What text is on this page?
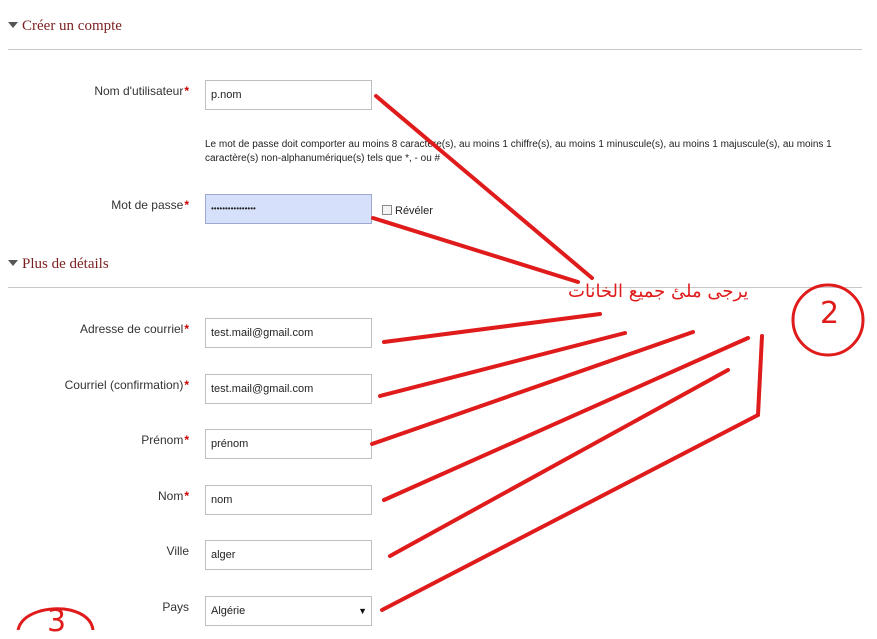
Créer un compte
Nom d'utilisateur*	p.nom
Le mot de passe doit comporter au moins 8 caractère(s), au moins 1 chiffre(s), au moins 1 minuscule(s), au moins 1 majuscule(s), au moins 1 caractère(s) non-alphanumérique(s) tels que *, - ou #
Mot de passe*	••••••••••••••••	Révéler
Plus de détails
Adresse de courriel*	test.mail@gmail.com
Courriel (confirmation)*	test.mail@gmail.com
Prénom*	prénom
Nom*	nom
Ville	alger
Pays	Algérie	▼
يرجى ملئ جميع الخانات
2
3
